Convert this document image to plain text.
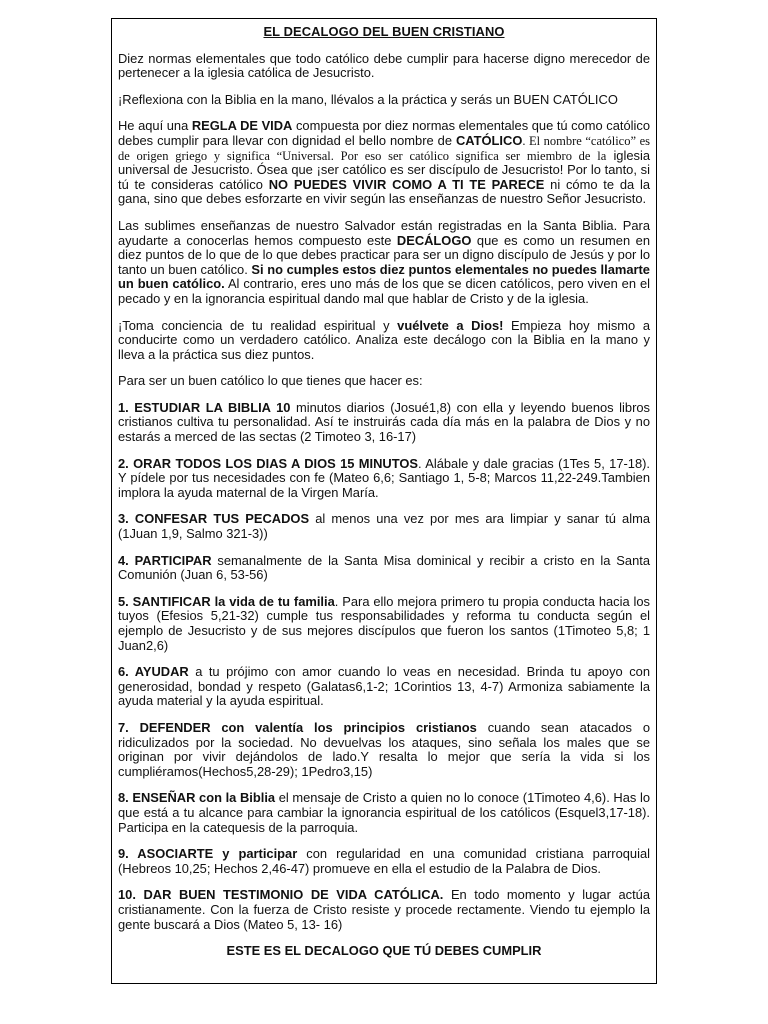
EL DECALOGO DEL BUEN CRISTIANO
Diez normas elementales que todo católico debe cumplir para hacerse digno merecedor de pertenecer a la iglesia católica de Jesucristo.
¡Reflexiona con la Biblia en la mano, llévalos a la práctica y serás un BUEN CATÓLICO
He aquí una REGLA DE VIDA compuesta por diez normas elementales que tú como católico debes cumplir para llevar con dignidad el bello nombre de CATÓLICO. El nombre “católico” es de origen griego y significa “Universal. Por eso ser católico significa ser miembro de la iglesia universal de Jesucristo. Ósea que ¡ser católico es ser discípulo de Jesucristo! Por lo tanto, si tú te consideras católico NO PUEDES VIVIR COMO A TI TE PARECE ni cómo te da la gana, sino que debes esforzarte en vivir según las enseñanzas de nuestro Señor Jesucristo.
Las sublimes enseñanzas de nuestro Salvador están registradas en la Santa Biblia. Para ayudarte a conocerlas hemos compuesto este DECÁLOGO que es como un resumen en diez puntos de lo que de lo que debes practicar para ser un digno discípulo de Jesús y por lo tanto un buen católico. Si no cumples estos diez puntos elementales no puedes llamarte un buen católico. Al contrario, eres uno más de los que se dicen católicos, pero viven en el pecado y en la ignorancia espiritual dando mal que hablar de Cristo y de la iglesia.
¡Toma conciencia de tu realidad espiritual y vuélvete a Dios! Empieza hoy mismo a conducirte como un verdadero católico. Analiza este decálogo con la Biblia en la mano y lleva a la práctica sus diez puntos.
Para ser un buen católico lo que tienes que hacer es:
1. ESTUDIAR LA BIBLIA 10 minutos diarios (Josué1,8) con ella y leyendo buenos libros cristianos cultiva tu personalidad. Así te instruirás cada día más en la palabra de Dios y no estarás a merced de las sectas (2 Timoteo 3, 16-17)
2. ORAR TODOS LOS DIAS A DIOS 15 MINUTOS. Alábale y dale gracias (1Tes 5, 17-18). Y pídele por tus necesidades con fe (Mateo 6,6; Santiago 1, 5-8; Marcos 11,22-249.Tambien implora la ayuda maternal de la Virgen María.
3. CONFESAR TUS PECADOS al menos una vez por mes ara limpiar y sanar tú alma (1Juan 1,9, Salmo 321-3))
4. PARTICIPAR semanalmente de la Santa Misa dominical y recibir a cristo en la Santa Comunión (Juan 6, 53-56)
5. SANTIFICAR la vida de tu familia. Para ello mejora primero tu propia conducta hacia los tuyos (Efesios 5,21-32) cumple tus responsabilidades y reforma tu conducta según el ejemplo de Jesucristo y de sus mejores discípulos que fueron los santos (1Timoteo 5,8; 1 Juan2,6)
6. AYUDAR a tu prójimo con amor cuando lo veas en necesidad. Brinda tu apoyo con generosidad, bondad y respeto (Galatas6,1-2; 1Corintios 13, 4-7) Armoniza sabiamente la ayuda material y la ayuda espiritual.
7. DEFENDER con valentía los principios cristianos cuando sean atacados o ridiculizados por la sociedad. No devuelvas los ataques, sino señala los males que se originan por vivir dejándolos de lado.Y resalta lo mejor que sería la vida si los cumpliéramos(Hechos5,28-29); 1Pedro3,15)
8. ENSEÑAR con la Biblia el mensaje de Cristo a quien no lo conoce (1Timoteo 4,6). Has lo que está a tu alcance para cambiar la ignorancia espiritual de los católicos (Esquel3,17-18). Participa en la catequesis de la parroquia.
9. ASOCIARTE y participar con regularidad en una comunidad cristiana parroquial (Hebreos 10,25; Hechos 2,46-47) promueve en ella el estudio de la Palabra de Dios.
10. DAR BUEN TESTIMONIO DE VIDA CATÓLICA. En todo momento y lugar actúa cristianamente. Con la fuerza de Cristo resiste y procede rectamente. Viendo tu ejemplo la gente buscará a Dios (Mateo 5, 13- 16)
ESTE ES EL DECALOGO QUE TÚ DEBES CUMPLIR
